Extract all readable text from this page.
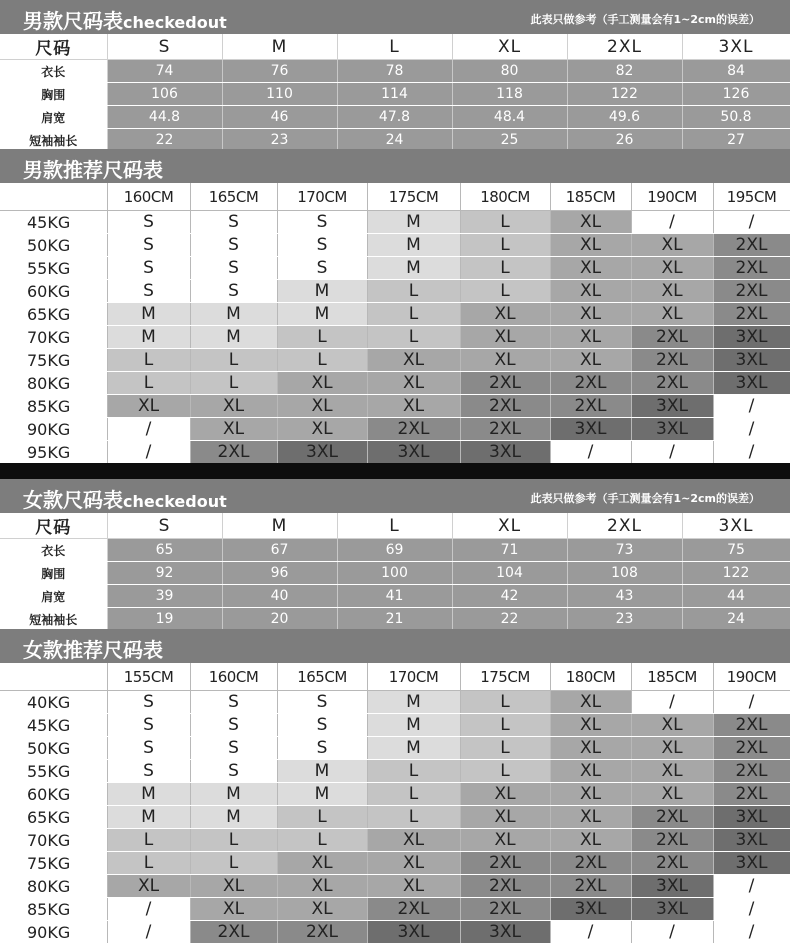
男款尺码表checkedout	此表只做参考（手工测量会有1~2cm的误差）
尺码	S	M	L	XL	2XL	3XL
衣长	74	76	78	80	82	84
胸围	106	110	114	118	122	126
肩宽	44.8	46	47.8	48.4	49.6	50.8
短袖袖长	22	23	24	25	26	27
男款推荐尺码表
	160CM	165CM	170CM	175CM	180CM	185CM	190CM	195CM
45KG	S	S	S	M	L	XL	/	/
50KG	S	S	S	M	L	XL	XL	2XL
55KG	S	S	S	M	L	XL	XL	2XL
60KG	S	S	M	L	L	XL	XL	2XL
65KG	M	M	M	L	XL	XL	XL	2XL
70KG	M	M	L	L	XL	XL	2XL	3XL
75KG	L	L	L	XL	XL	XL	2XL	3XL
80KG	L	L	XL	XL	2XL	2XL	2XL	3XL
85KG	XL	XL	XL	XL	2XL	2XL	3XL	/
90KG	/	XL	XL	2XL	2XL	3XL	3XL	/
95KG	/	2XL	3XL	3XL	3XL	/	/	/
女款尺码表checkedout	此表只做参考（手工测量会有1~2cm的误差）
尺码	S	M	L	XL	2XL	3XL
衣长	65	67	69	71	73	75
胸围	92	96	100	104	108	122
肩宽	39	40	41	42	43	44
短袖袖长	19	20	21	22	23	24
女款推荐尺码表
	155CM	160CM	165CM	170CM	175CM	180CM	185CM	190CM
40KG	S	S	S	M	L	XL	/	/
45KG	S	S	S	M	L	XL	XL	2XL
50KG	S	S	S	M	L	XL	XL	2XL
55KG	S	S	M	L	L	XL	XL	2XL
60KG	M	M	M	L	XL	XL	XL	2XL
65KG	M	M	L	L	XL	XL	2XL	3XL
70KG	L	L	L	XL	XL	XL	2XL	3XL
75KG	L	L	XL	XL	2XL	2XL	2XL	3XL
80KG	XL	XL	XL	XL	2XL	2XL	3XL	/
85KG	/	XL	XL	2XL	2XL	3XL	3XL	/
90KG	/	2XL	2XL	3XL	3XL	/	/	/
